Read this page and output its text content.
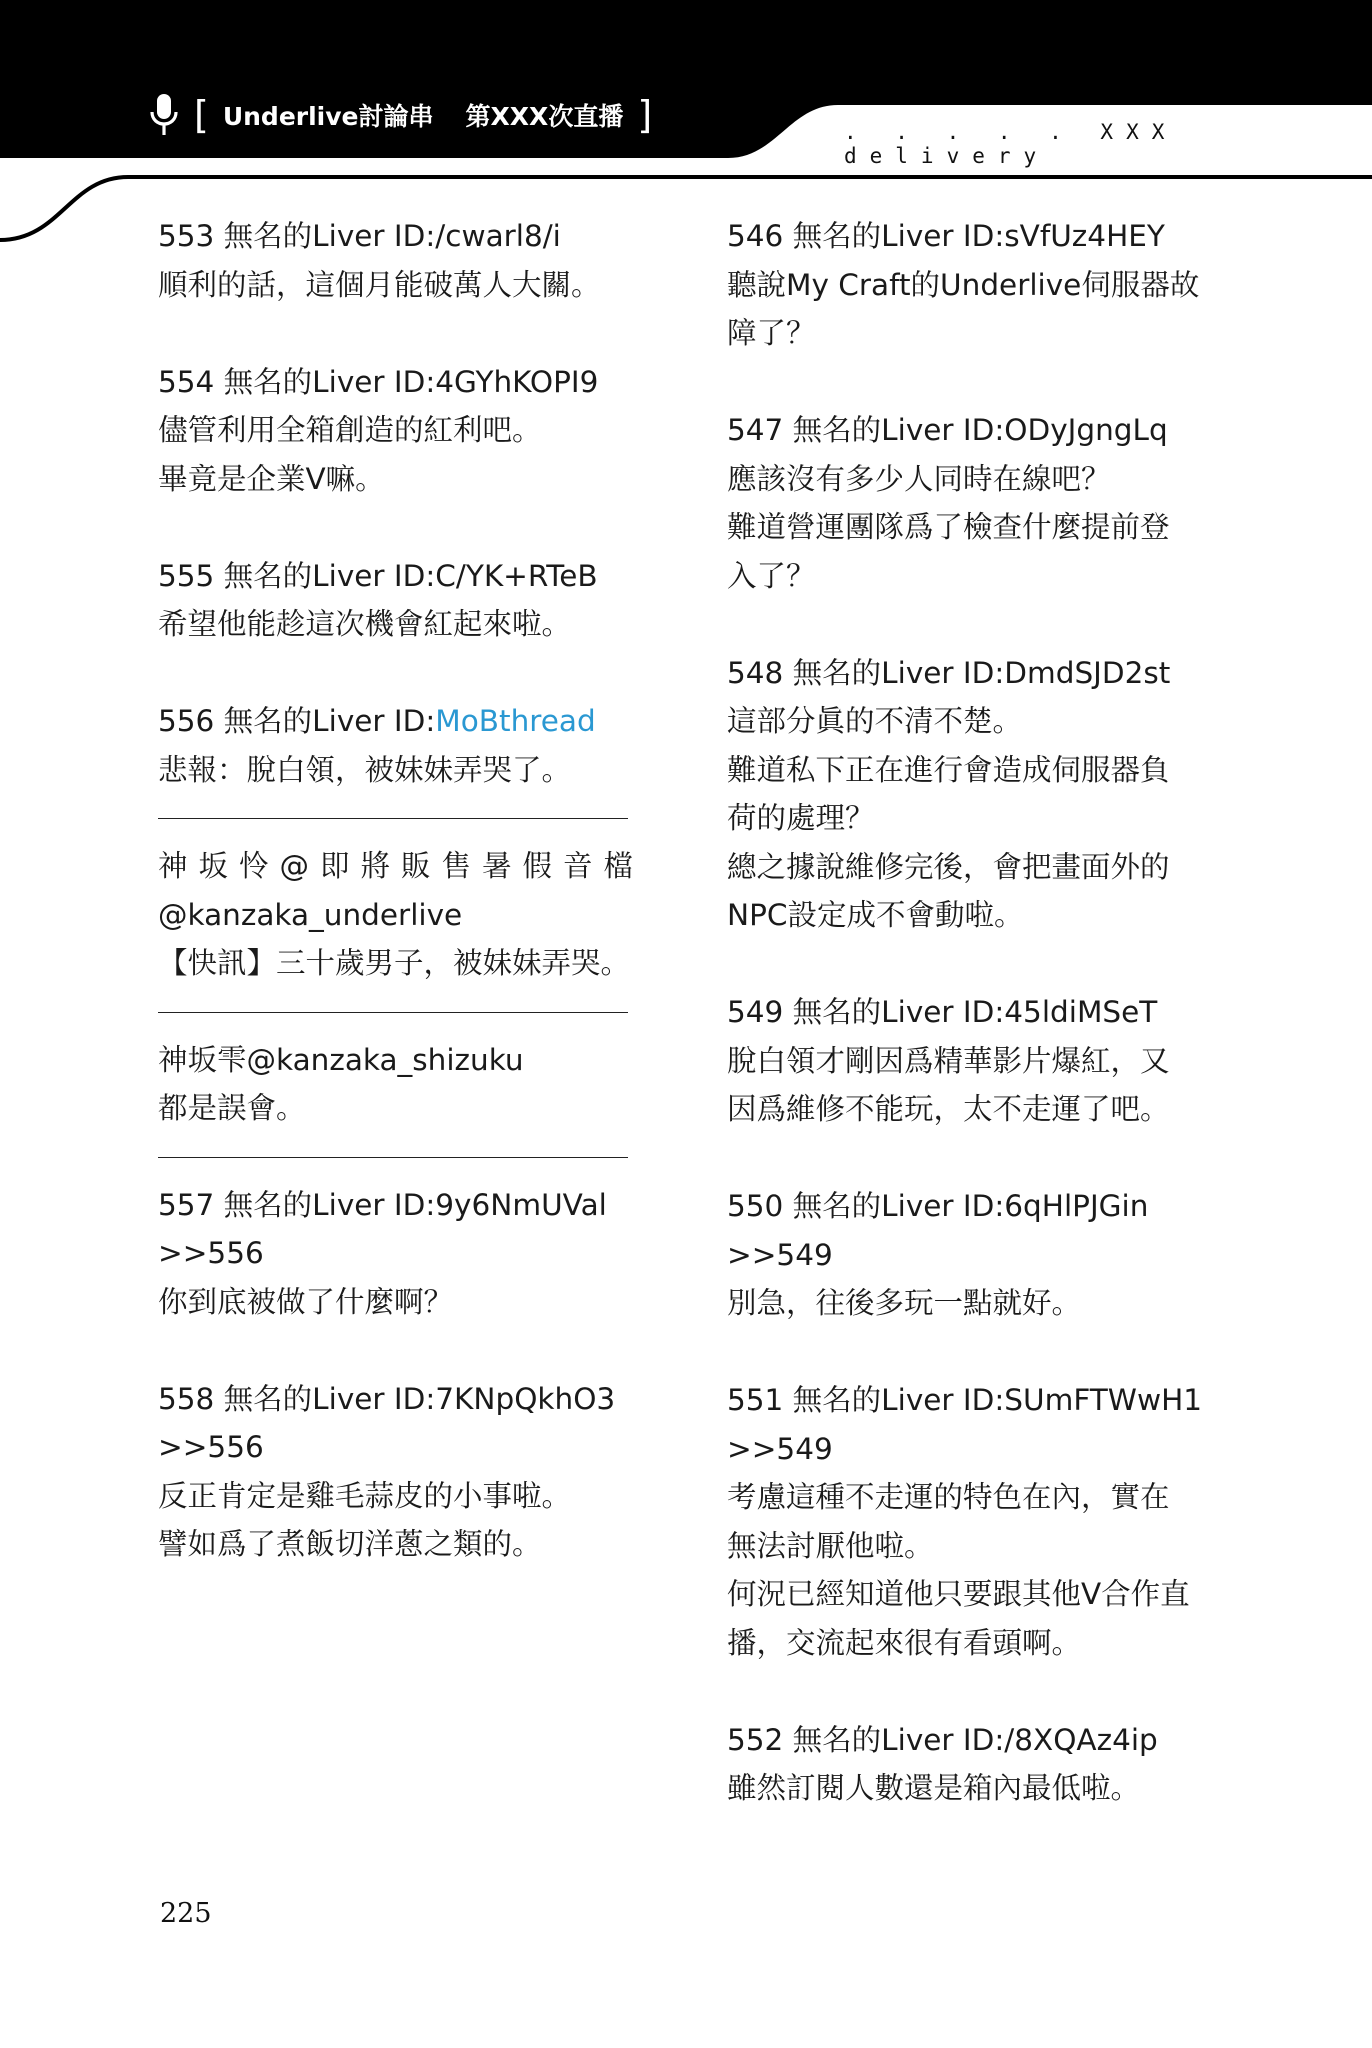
[ Underlive討論串 第XXX次直播 ]	. . . . . XXX delivery
553 無名的Liver ID:/cwarl8/i
順利的話，這個月能破萬人大關。
554 無名的Liver ID:4GYhKOPI9
儘管利用全箱創造的紅利吧。
畢竟是企業V嘛。
555 無名的Liver ID:C/YK+RTeB
希望他能趁這次機會紅起來啦。
556 無名的Liver ID:MoBthread
悲報：脫白領，被妹妹弄哭了。
神 坂 怜 @ 即 將 販 售 暑 假 音 檔
@kanzaka_underlive
【快訊】三十歲男子，被妹妹弄哭。
神坂雫@kanzaka_shizuku
都是誤會。
557 無名的Liver ID:9y6NmUVal
>>556
你到底被做了什麼啊？
558 無名的Liver ID:7KNpQkhO3
>>556
反正肯定是雞毛蒜皮的小事啦。
譬如爲了煮飯切洋蔥之類的。
546 無名的Liver ID:sVfUz4HEY
聽說My Craft的Underlive伺服器故
障了？
547 無名的Liver ID:ODyJgngLq
應該沒有多少人同時在線吧？
難道營運團隊爲了檢查什麼提前登
入了？
548 無名的Liver ID:DmdSJD2st
這部分眞的不清不楚。
難道私下正在進行會造成伺服器負
荷的處理？
總之據說維修完後，會把畫面外的
NPC設定成不會動啦。
549 無名的Liver ID:45ldiMSeT
脫白領才剛因爲精華影片爆紅，又
因爲維修不能玩，太不走運了吧。
550 無名的Liver ID:6qHlPJGin
>>549
別急，往後多玩一點就好。
551 無名的Liver ID:SUmFTWwH1
>>549
考慮這種不走運的特色在內，實在
無法討厭他啦。
何況已經知道他只要跟其他V合作直
播，交流起來很有看頭啊。
552 無名的Liver ID:/8XQAz4ip
雖然訂閱人數還是箱內最低啦。
225
